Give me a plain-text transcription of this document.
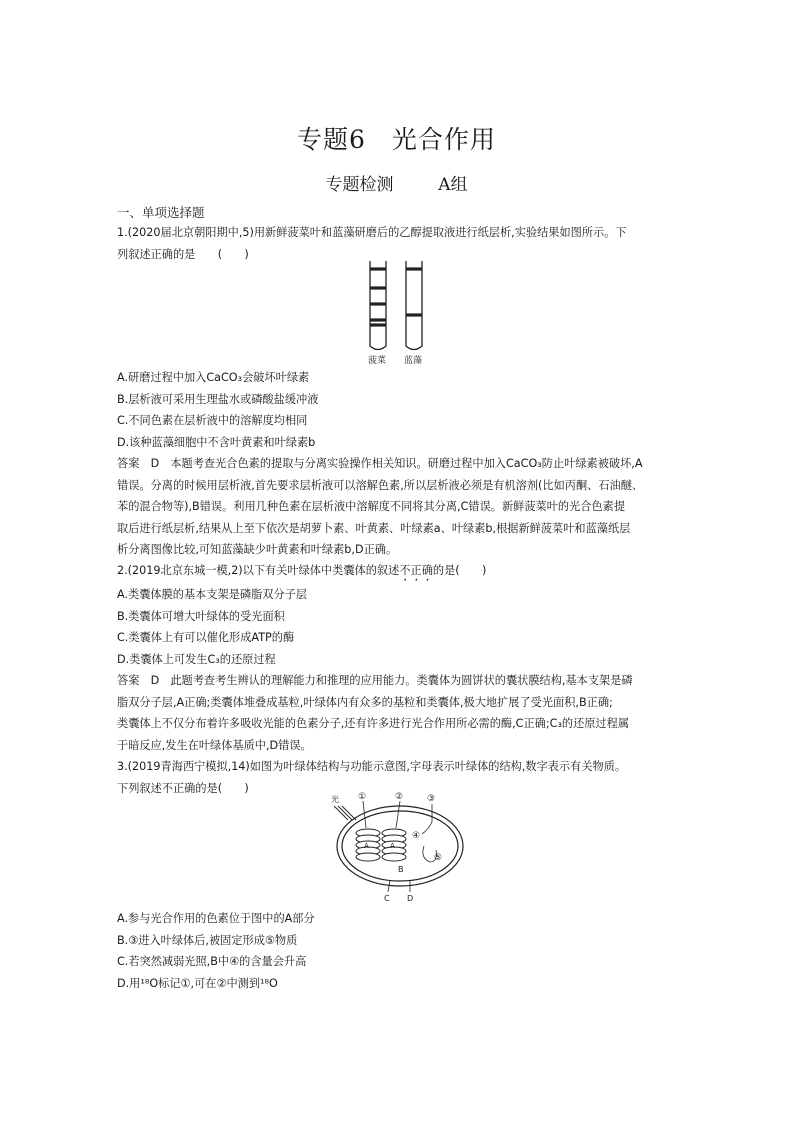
专题6　光合作用
专题检测	A组
一、单项选择题

1.(2020届北京朝阳期中,5)用新鲜菠菜叶和蓝藻研磨后的乙醇提取液进行纸层析,实验结果如图所示。下

列叙述正确的是　　(　　)

菠菜 蓝藻

A.研磨过程中加入CaCO₃会破坏叶绿素

B.层析液可采用生理盐水或磷酸盐缓冲液

C.不同色素在层析液中的溶解度均相同

D.该种蓝藻细胞中不含叶黄素和叶绿素b

答案　D　本题考查光合色素的提取与分离实验操作相关知识。研磨过程中加入CaCO₃防止叶绿素被破坏,A

错误。分离的时候用层析液,首先要求层析液可以溶解色素,所以层析液必须是有机溶剂(比如丙酮、石油醚、

苯的混合物等),B错误。利用几种色素在层析液中溶解度不同将其分离,C错误。新鲜菠菜叶的光合色素提

取后进行纸层析,结果从上至下依次是胡萝卜素、叶黄素、叶绿素a、叶绿素b,根据新鲜菠菜叶和蓝藻纸层

析分离图像比较,可知蓝藻缺少叶黄素和叶绿素b,D正确。

2.(2019北京东城一模,2)以下有关叶绿体中类囊体的叙述不正确的是(　　)

A.类囊体膜的基本支架是磷脂双分子层

B.类囊体可增大叶绿体的受光面积

C.类囊体上有可以催化形成ATP的酶

D.类囊体上可发生C₃的还原过程

答案　D　此题考查考生辨认的理解能力和推理的应用能力。类囊体为圆饼状的囊状膜结构,基本支架是磷

脂双分子层,A正确;类囊体堆叠成基粒,叶绿体内有众多的基粒和类囊体,极大地扩展了受光面积,B正确;

类囊体上不仅分布着许多吸收光能的色素分子,还有许多进行光合作用所必需的酶,C正确;C₃的还原过程属

于暗反应,发生在叶绿体基质中,D错误。

3.(2019青海西宁模拟,14)如图为叶绿体结构与功能示意图,字母表示叶绿体的结构,数字表示有关物质。

下列叙述不正确的是(　　)

光
A	A
①	②	③
④
⑤
B
C D

A.参与光合作用的色素位于图中的A部分

B.③进入叶绿体后,被固定形成⑤物质

C.若突然减弱光照,B中④的含量会升高

D.用¹⁸O标记①,可在②中测到¹⁸O
